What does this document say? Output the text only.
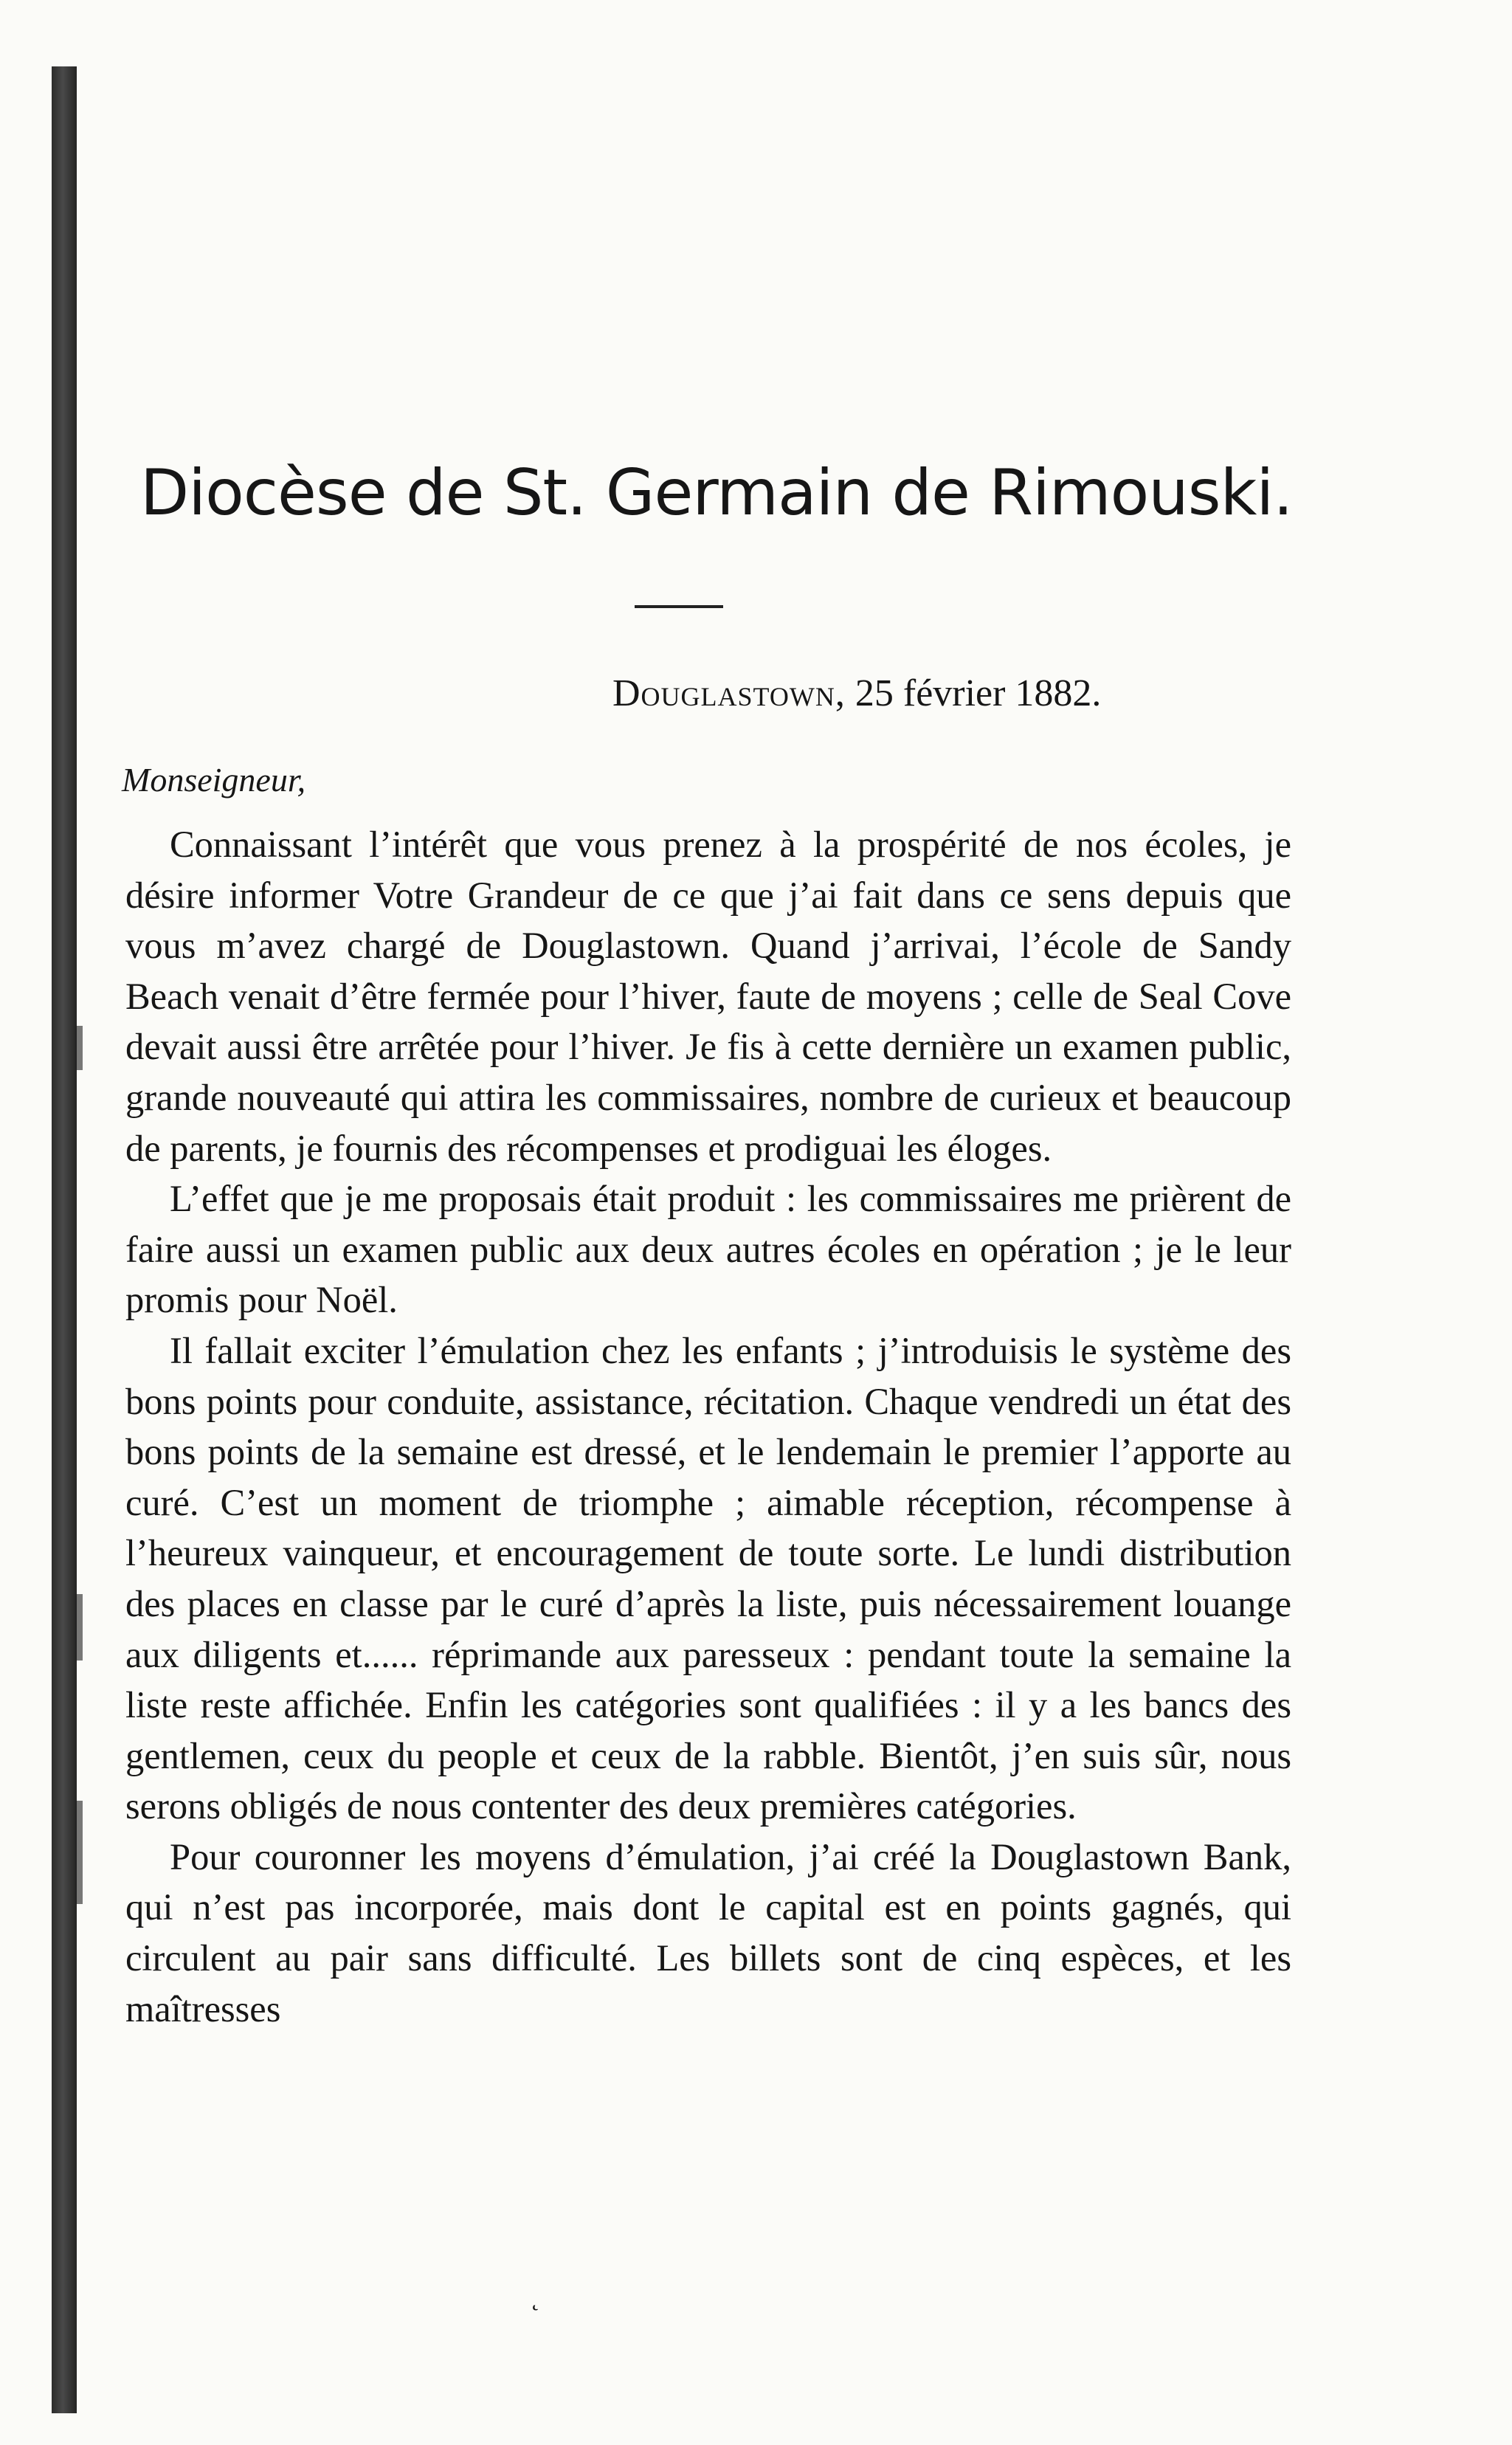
Diocèse de St. Germain de Rimouski.
Douglastown, 25 février 1882.
Monseigneur,

Connaissant l’intérêt que vous prenez à la prospérité de nos écoles, je désire informer Votre Grandeur de ce que j’ai fait dans ce sens depuis que vous m’avez chargé de Douglastown. Quand j’arrivai, l’école de Sandy Beach venait d’être fermée pour l’hiver, faute de moyens ; celle de Seal Cove devait aussi être arrêtée pour l’hiver. Je fis à cette dernière un examen public, grande nouveauté qui attira les commissaires, nombre de curieux et beaucoup de parents, je fournis des récompenses et prodiguai les éloges.

L’effet que je me proposais était produit : les commissaires me prièrent de faire aussi un examen public aux deux autres écoles en opération ; je le leur promis pour Noël.

Il fallait exciter l’émulation chez les enfants ; j’introduisis le système des bons points pour conduite, assistance, récitation. Chaque vendredi un état des bons points de la semaine est dressé, et le lendemain le premier l’apporte au curé. C’est un moment de triomphe ; aimable réception, récompense à l’heureux vainqueur, et encouragement de toute sorte. Le lundi distribution des places en classe par le curé d’après la liste, puis nécessairement louange aux diligents et...... réprimande aux paresseux : pendant toute la semaine la liste reste affichée. Enfin les catégories sont qualifiées : il y a les bancs des gentlemen, ceux du people et ceux de la rabble. Bientôt, j’en suis sûr, nous serons obligés de nous contenter des deux premières catégories.

Pour couronner les moyens d’émulation, j’ai créé la Douglastown Bank, qui n’est pas incorporée, mais dont le capital est en points gagnés, qui circulent au pair sans difficulté. Les billets sont de cinq espèces, et les maîtresses

˛
